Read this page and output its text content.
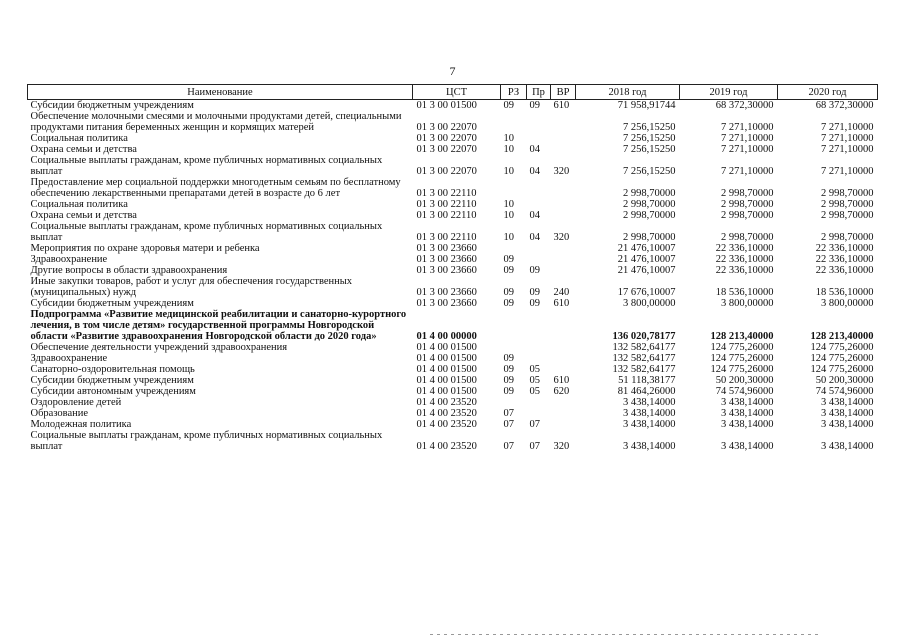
7
Наименование	ЦСТ	РЗ	Пр	ВР	2018 год	2019 год	2020 год
Субсидии бюджетным учреждениям	01 3 00 01500	09	09	610	71 958,91744	68 372,30000	68 372,30000
Обеспечение молочными смесями и молочными продуктами детей, специальными продуктами питания беременных женщин и кормящих матерей	01 3 00 22070				7 256,15250	7 271,10000	7 271,10000
Социальная политика	01 3 00 22070	10			7 256,15250	7 271,10000	7 271,10000
Охрана семьи и детства	01 3 00 22070	10	04		7 256,15250	7 271,10000	7 271,10000
Социальные выплаты гражданам, кроме публичных нормативных социальных выплат	01 3 00 22070	10	04	320	7 256,15250	7 271,10000	7 271,10000
Предоставление мер социальной поддержки многодетным семьям по бесплатному обеспечению лекарственными препаратами детей в возрасте до 6 лет	01 3 00 22110				2 998,70000	2 998,70000	2 998,70000
Социальная политика	01 3 00 22110	10			2 998,70000	2 998,70000	2 998,70000
Охрана семьи и детства	01 3 00 22110	10	04		2 998,70000	2 998,70000	2 998,70000
Социальные выплаты гражданам, кроме публичных нормативных социальных выплат	01 3 00 22110	10	04	320	2 998,70000	2 998,70000	2 998,70000
Мероприятия по охране здоровья матери и ребенка	01 3 00 23660				21 476,10007	22 336,10000	22 336,10000
Здравоохранение	01 3 00 23660	09			21 476,10007	22 336,10000	22 336,10000
Другие вопросы в области здравоохранения	01 3 00 23660	09	09		21 476,10007	22 336,10000	22 336,10000
Иные закупки товаров, работ и услуг для обеспечения государственных (муниципальных) нужд	01 3 00 23660	09	09	240	17 676,10007	18 536,10000	18 536,10000
Субсидии бюджетным учреждениям	01 3 00 23660	09	09	610	3 800,00000	3 800,00000	3 800,00000
Подпрограмма «Развитие медицинской реабилитации и санаторно-курортного лечения, в том числе детям» государственной программы Новгородской области «Развитие здравоохранения Новгородской области до 2020 года»	01 4 00 00000				136 020,78177	128 213,40000	128 213,40000
Обеспечение деятельности учреждений здравоохранения	01 4 00 01500				132 582,64177	124 775,26000	124 775,26000
Здравоохранение	01 4 00 01500	09			132 582,64177	124 775,26000	124 775,26000
Санаторно-оздоровительная помощь	01 4 00 01500	09	05		132 582,64177	124 775,26000	124 775,26000
Субсидии бюджетным учреждениям	01 4 00 01500	09	05	610	51 118,38177	50 200,30000	50 200,30000
Субсидии автономным учреждениям	01 4 00 01500	09	05	620	81 464,26000	74 574,96000	74 574,96000
Оздоровление детей	01 4 00 23520				3 438,14000	3 438,14000	3 438,14000
Образование	01 4 00 23520	07			3 438,14000	3 438,14000	3 438,14000
Молодежная политика	01 4 00 23520	07	07		3 438,14000	3 438,14000	3 438,14000
Социальные выплаты гражданам, кроме публичных нормативных социальных выплат	01 4 00 23520	07	07	320	3 438,14000	3 438,14000	3 438,14000
